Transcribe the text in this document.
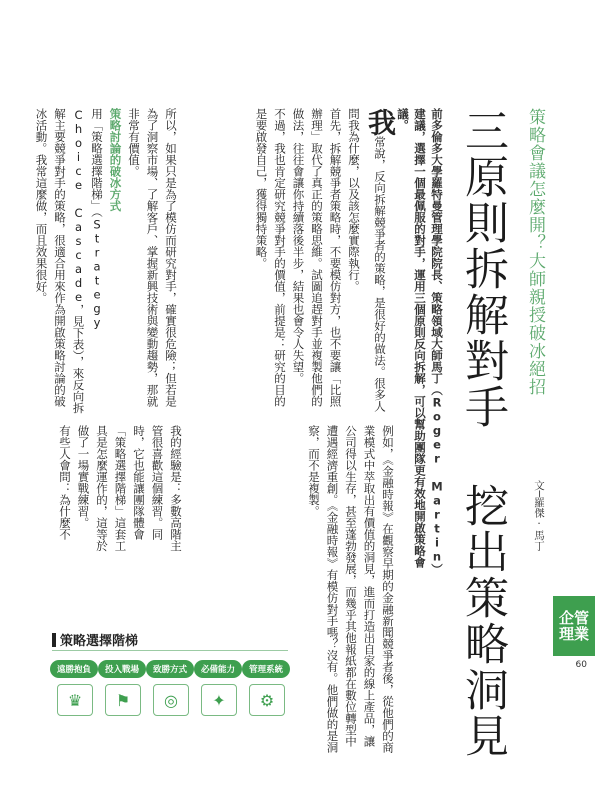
三原則拆解對手 挖出策略洞見 策略會議怎麼開？大師親授破冰絕招
文─羅傑·馬丁
前多倫多大學羅特曼管理學院院長、策略領域大師馬丁（Roger Martin）建議，選擇一個最佩服的對手，運用三個原則反向拆解，可以幫助團隊更有效地開啟策略會議。

我常說，反向拆解競爭者的策略，是很好的做法。很多人問我為什麼，以及該怎麼實際執行。

首先，拆解競爭者策略時，不要模仿對方，也不要讓「比照辦理」取代了真正的策略思維。試圖追趕對手並複製他們的做法，往往會讓你持續落後半步，結果也會令人失望。

不過，我也肯定研究競爭對手的價值，前提是：研究的目的是要啟發自己，獲得獨特策略。

例如，《金融時報》在觀察早期的金融新聞競爭者後，從他們的商業模式中萃取出有價值的洞見，進而打造出自家的線上產品，讓公司得以生存，甚至蓬勃發展，而幾乎其他報紙都在數位轉型中遭遇經濟重創。《金融時報》有模仿對手嗎？沒有。他們做的是洞察，而不是複製。

所以，如果只是為了模仿而研究對手，確實很危險；但若是為了洞察市場、了解客戶、掌握新興技術與變動趨勢，那就非常有價值。

策略討論的破冰方式

用「策略選擇階梯」（Strategy Choice Cascade，見下表），來反向拆解主要競爭對手的策略，很適合用來作為開啟策略討論的破冰活動。我常這麼做，而且效果很好。

我的經驗是：多數高階主管很喜歡這個練習。同時，它也能讓團隊體會「策略選擇階梯」這套工具是怎麼運作的，這等於做了一場實戰練習。

有些人會問：為什麼不

企管
理業
60
策略選擇階梯
遠勝抱負	投入戰場	致勝方式	必備能力	管理系統
♛	⚑	◎	✦	⚙
